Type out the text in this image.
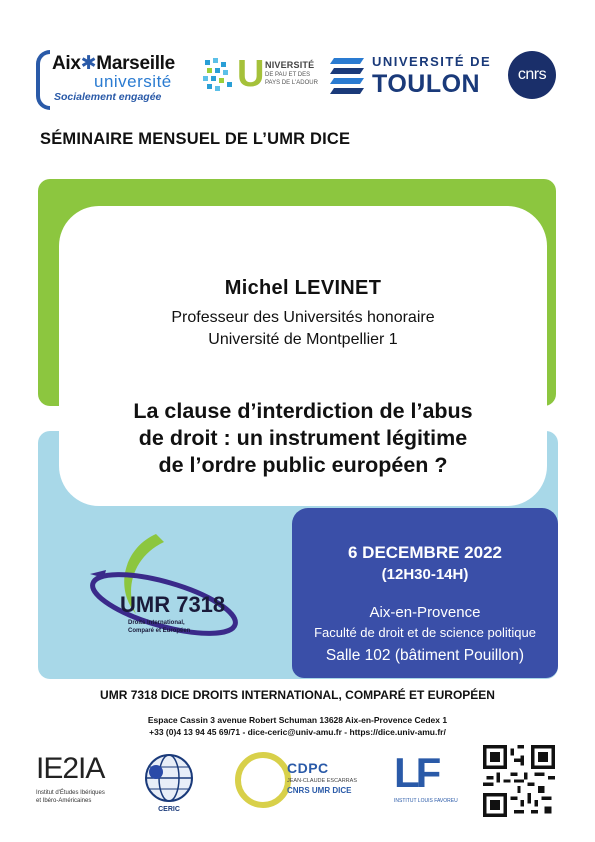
Aix✱Marseille
université
Socialement engagée
U NIVERSITÉ
DE PAU ET DES
PAYS DE L'ADOUR
UNIVERSITÉ DE
TOULON	cnrs
SÉMINAIRE MENSUEL DE L’UMR DICE
Michel LEVINET
Professeur des Universités honoraire
Université de Montpellier 1
La clause d’interdiction de l’abus
de droit : un instrument légitime
de l’ordre public européen ?
6 DECEMBRE 2022
(12H30-14H)
Aix-en-Provence
Faculté de droit et de science politique
Salle 102 (bâtiment Pouillon)
UMR 7318
Droits International,
Comparé et Européen
UMR 7318 DICE DROITS INTERNATIONAL, COMPARÉ ET EUROPÉEN
Espace Cassin 3 avenue Robert Schuman 13628 Aix-en-Provence Cedex 1
+33 (0)4 13 94 45 69/71 - dice-ceric@univ-amu.fr - https://dice.univ-amu.fr/
IE2IA
Institut d'Études Ibériques
et Ibéro-Américaines
CERIC
CDPC
JEAN-CLAUDE ESCARRAS
CNRS UMR DICE LF
INSTITUT LOUIS FAVOREU
